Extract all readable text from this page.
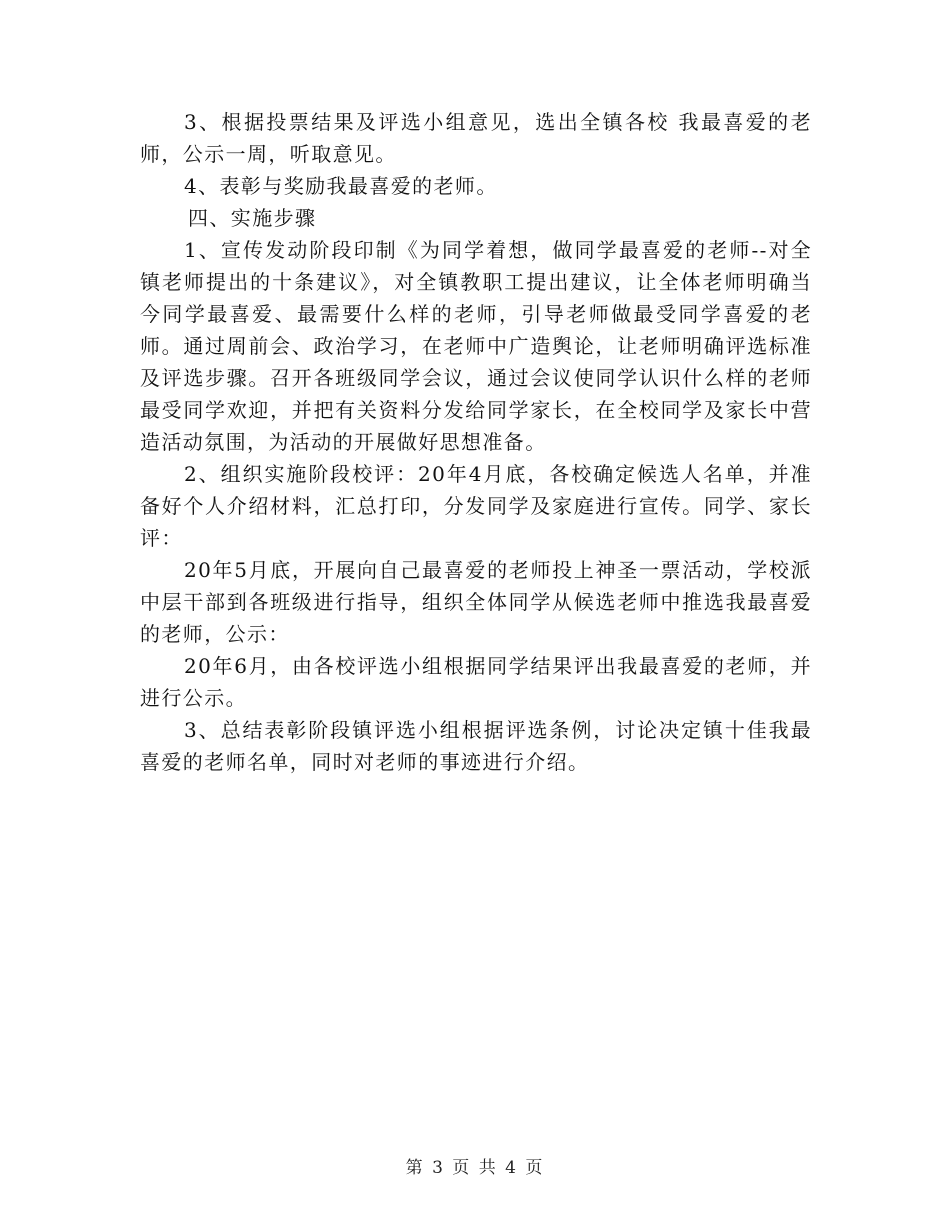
3、根据投票结果及评选小组意见，选出全镇各校 我最喜爱的老师，公示一周，听取意见。

4、表彰与奖励我最喜爱的老师。

四、实施步骤

1、宣传发动阶段印制《为同学着想，做同学最喜爱的老师--对全镇老师提出的十条建议》，对全镇教职工提出建议，让全体老师明确当今同学最喜爱、最需要什么样的老师，引导老师做最受同学喜爱的老师。通过周前会、政治学习，在老师中广造舆论，让老师明确评选标准及评选步骤。召开各班级同学会议，通过会议使同学认识什么样的老师最受同学欢迎，并把有关资料分发给同学家长，在全校同学及家长中营造活动氛围，为活动的开展做好思想准备。

2、组织实施阶段校评：20年4月底，各校确定候选人名单，并准备好个人介绍材料，汇总打印，分发同学及家庭进行宣传。同学、家长评：

20年5月底，开展向自己最喜爱的老师投上神圣一票活动，学校派中层干部到各班级进行指导，组织全体同学从候选老师中推选我最喜爱的老师，公示：

20年6月，由各校评选小组根据同学结果评出我最喜爱的老师，并进行公示。

3、总结表彰阶段镇评选小组根据评选条例，讨论决定镇十佳我最喜爱的老师名单，同时对老师的事迹进行介绍。

第 3 页 共 4 页
